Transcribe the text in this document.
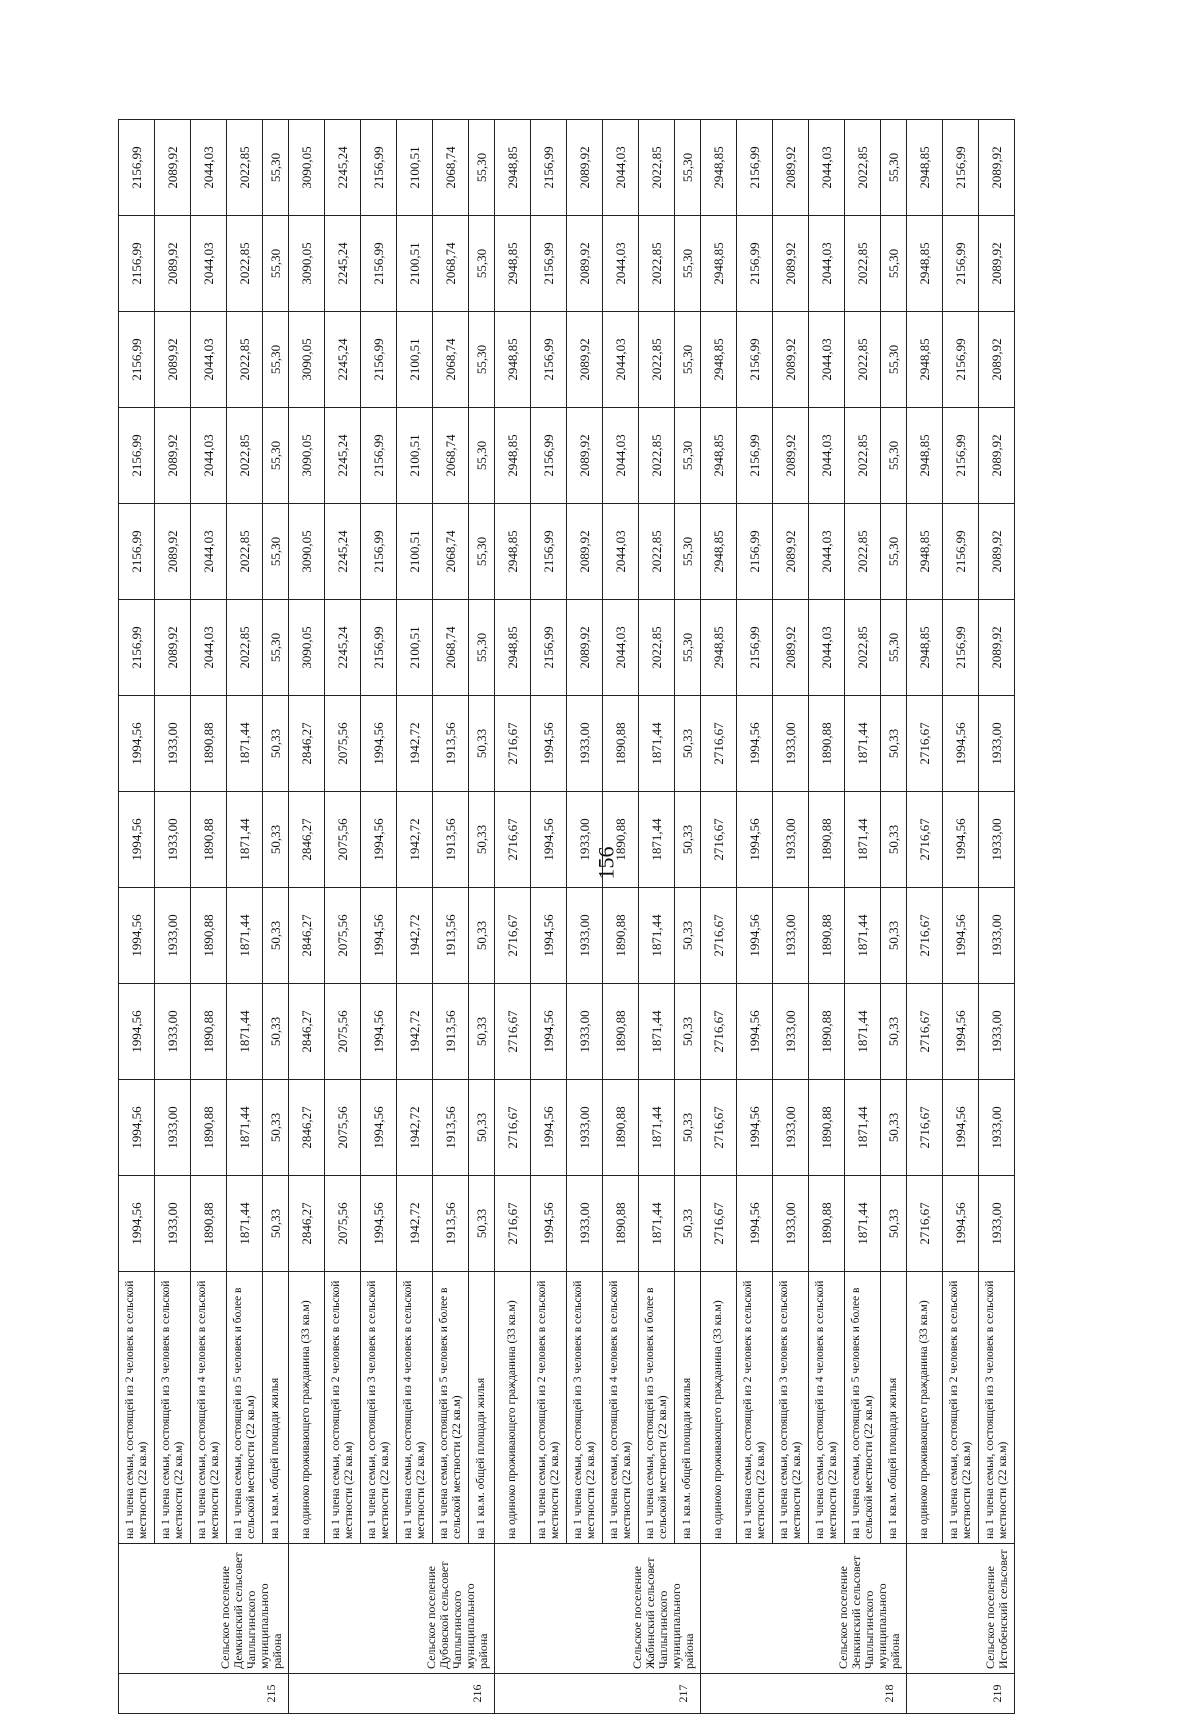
215	Сельское поселение Демкинский сельсовет Чаплыгинского муниципального района	на 1 члена семьи, состоящей из 2 человек в сельской местности (22 кв.м)	1994,56	1994,56	1994,56	1994,56	1994,56	1994,56	2156,99	2156,99	2156,99	2156,99	2156,99	2156,99
		на 1 члена семьи, состоящей из 3 человек в сельской местности (22 кв.м)	1933,00	1933,00	1933,00	1933,00	1933,00	1933,00	2089,92	2089,92	2089,92	2089,92	2089,92	2089,92
		на 1 члена семьи, состоящей из 4 человек в сельской местности (22 кв.м)	1890,88	1890,88	1890,88	1890,88	1890,88	1890,88	2044,03	2044,03	2044,03	2044,03	2044,03	2044,03
		на 1 члена семьи, состоящей из 5 человек и более в сельской местности (22 кв.м)	1871,44	1871,44	1871,44	1871,44	1871,44	1871,44	2022,85	2022,85	2022,85	2022,85	2022,85	2022,85
		на 1 кв.м. общей площади жилья	50,33	50,33	50,33	50,33	50,33	50,33	55,30	55,30	55,30	55,30	55,30	55,30
216	Сельское поселение Дубовской сельсовет Чаплыгинского муниципального района	на одиноко проживающего гражданина (33 кв.м)	2846,27	2846,27	2846,27	2846,27	2846,27	2846,27	3090,05	3090,05	3090,05	3090,05	3090,05	3090,05
		на 1 члена семьи, состоящей из 2 человек в сельской местности (22 кв.м)	2075,56	2075,56	2075,56	2075,56	2075,56	2075,56	2245,24	2245,24	2245,24	2245,24	2245,24	2245,24
		на 1 члена семьи, состоящей из 3 человек в сельской местности (22 кв.м)	1994,56	1994,56	1994,56	1994,56	1994,56	1994,56	2156,99	2156,99	2156,99	2156,99	2156,99	2156,99
		на 1 члена семьи, состоящей из 4 человек в сельской местности (22 кв.м)	1942,72	1942,72	1942,72	1942,72	1942,72	1942,72	2100,51	2100,51	2100,51	2100,51	2100,51	2100,51
		на 1 члена семьи, состоящей из 5 человек и более в сельской местности (22 кв.м)	1913,56	1913,56	1913,56	1913,56	1913,56	1913,56	2068,74	2068,74	2068,74	2068,74	2068,74	2068,74
		на 1 кв.м. общей площади жилья	50,33	50,33	50,33	50,33	50,33	50,33	55,30	55,30	55,30	55,30	55,30	55,30
217	Сельское поселение Жабинский сельсовет Чаплыгинского муниципального района	на одиноко проживающего гражданина (33 кв.м)	2716,67	2716,67	2716,67	2716,67	2716,67	2716,67	2948,85	2948,85	2948,85	2948,85	2948,85	2948,85
		на 1 члена семьи, состоящей из 2 человек в сельской местности (22 кв.м)	1994,56	1994,56	1994,56	1994,56	1994,56	1994,56	2156,99	2156,99	2156,99	2156,99	2156,99	2156,99
		на 1 члена семьи, состоящей из 3 человек в сельской местности (22 кв.м)	1933,00	1933,00	1933,00	1933,00	1933,00	1933,00	2089,92	2089,92	2089,92	2089,92	2089,92	2089,92
		на 1 члена семьи, состоящей из 4 человек в сельской местности (22 кв.м)	1890,88	1890,88	1890,88	1890,88	1890,88	1890,88	2044,03	2044,03	2044,03	2044,03	2044,03	2044,03
		на 1 члена семьи, состоящей из 5 человек и более в сельской местности (22 кв.м)	1871,44	1871,44	1871,44	1871,44	1871,44	1871,44	2022,85	2022,85	2022,85	2022,85	2022,85	2022,85
		на 1 кв.м. общей площади жилья	50,33	50,33	50,33	50,33	50,33	50,33	55,30	55,30	55,30	55,30	55,30	55,30
218	Сельское поселение Зенкинский сельсовет Чаплыгинского муниципального района	на одиноко проживающего гражданина (33 кв.м)	2716,67	2716,67	2716,67	2716,67	2716,67	2716,67	2948,85	2948,85	2948,85	2948,85	2948,85	2948,85
		на 1 члена семьи, состоящей из 2 человек в сельской местности (22 кв.м)	1994,56	1994,56	1994,56	1994,56	1994,56	1994,56	2156,99	2156,99	2156,99	2156,99	2156,99	2156,99
		на 1 члена семьи, состоящей из 3 человек в сельской местности (22 кв.м)	1933,00	1933,00	1933,00	1933,00	1933,00	1933,00	2089,92	2089,92	2089,92	2089,92	2089,92	2089,92
		на 1 члена семьи, состоящей из 4 человек в сельской местности (22 кв.м)	1890,88	1890,88	1890,88	1890,88	1890,88	1890,88	2044,03	2044,03	2044,03	2044,03	2044,03	2044,03
		на 1 члена семьи, состоящей из 5 человек и более в сельской местности (22 кв.м)	1871,44	1871,44	1871,44	1871,44	1871,44	1871,44	2022,85	2022,85	2022,85	2022,85	2022,85	2022,85
		на 1 кв.м. общей площади жилья	50,33	50,33	50,33	50,33	50,33	50,33	55,30	55,30	55,30	55,30	55,30	55,30
219	Сельское поселение Истобенский сельсовет	на одиноко проживающего гражданина (33 кв.м)	2716,67	2716,67	2716,67	2716,67	2716,67	2716,67	2948,85	2948,85	2948,85	2948,85	2948,85	2948,85
		на 1 члена семьи, состоящей из 2 человек в сельской местности (22 кв.м)	1994,56	1994,56	1994,56	1994,56	1994,56	1994,56	2156,99	2156,99	2156,99	2156,99	2156,99	2156,99
		на 1 члена семьи, состоящей из 3 человек в сельской местности (22 кв.м)	1933,00	1933,00	1933,00	1933,00	1933,00	1933,00	2089,92	2089,92	2089,92	2089,92	2089,92	2089,92
156
